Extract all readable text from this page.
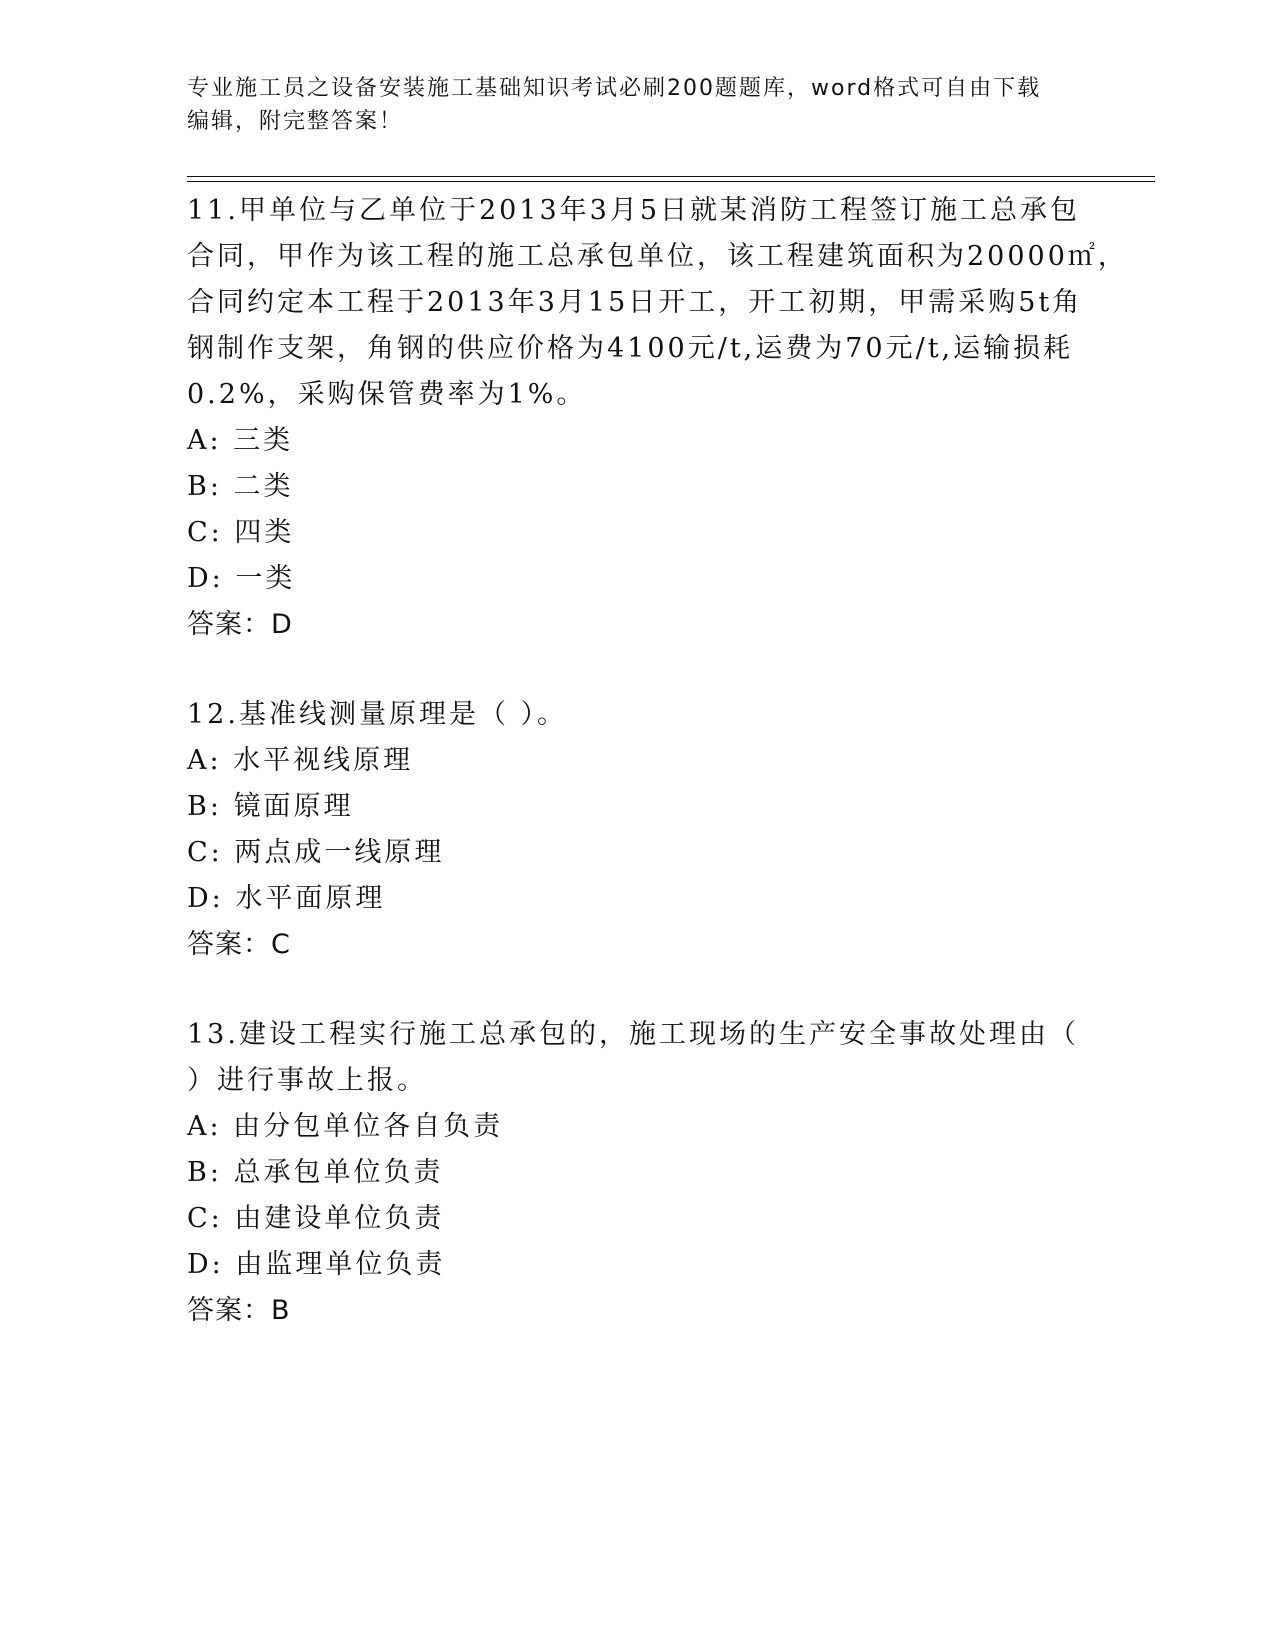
专业施工员之设备安装施工基础知识考试必刷200题题库，word格式可自由下载
编辑，附完整答案！
11.甲单位与乙单位于2013年3月5日就某消防工程签订施工总承包
合同，甲作为该工程的施工总承包单位，该工程建筑面积为20000㎡，
合同约定本工程于2013年3月15日开工，开工初期，甲需采购5t角
钢制作支架，角钢的供应价格为4100元/t,运费为70元/t,运输损耗
0.2%，采购保管费率为1%。
A: 三类
B: 二类
C: 四类
D: 一类
答案：D
12.基准线测量原理是（ ）。
A: 水平视线原理
B: 镜面原理
C: 两点成一线原理
D: 水平面原理
答案：C
13.建设工程实行施工总承包的，施工现场的生产安全事故处理由（
）进行事故上报。
A: 由分包单位各自负责
B: 总承包单位负责
C: 由建设单位负责
D: 由监理单位负责
答案：B
